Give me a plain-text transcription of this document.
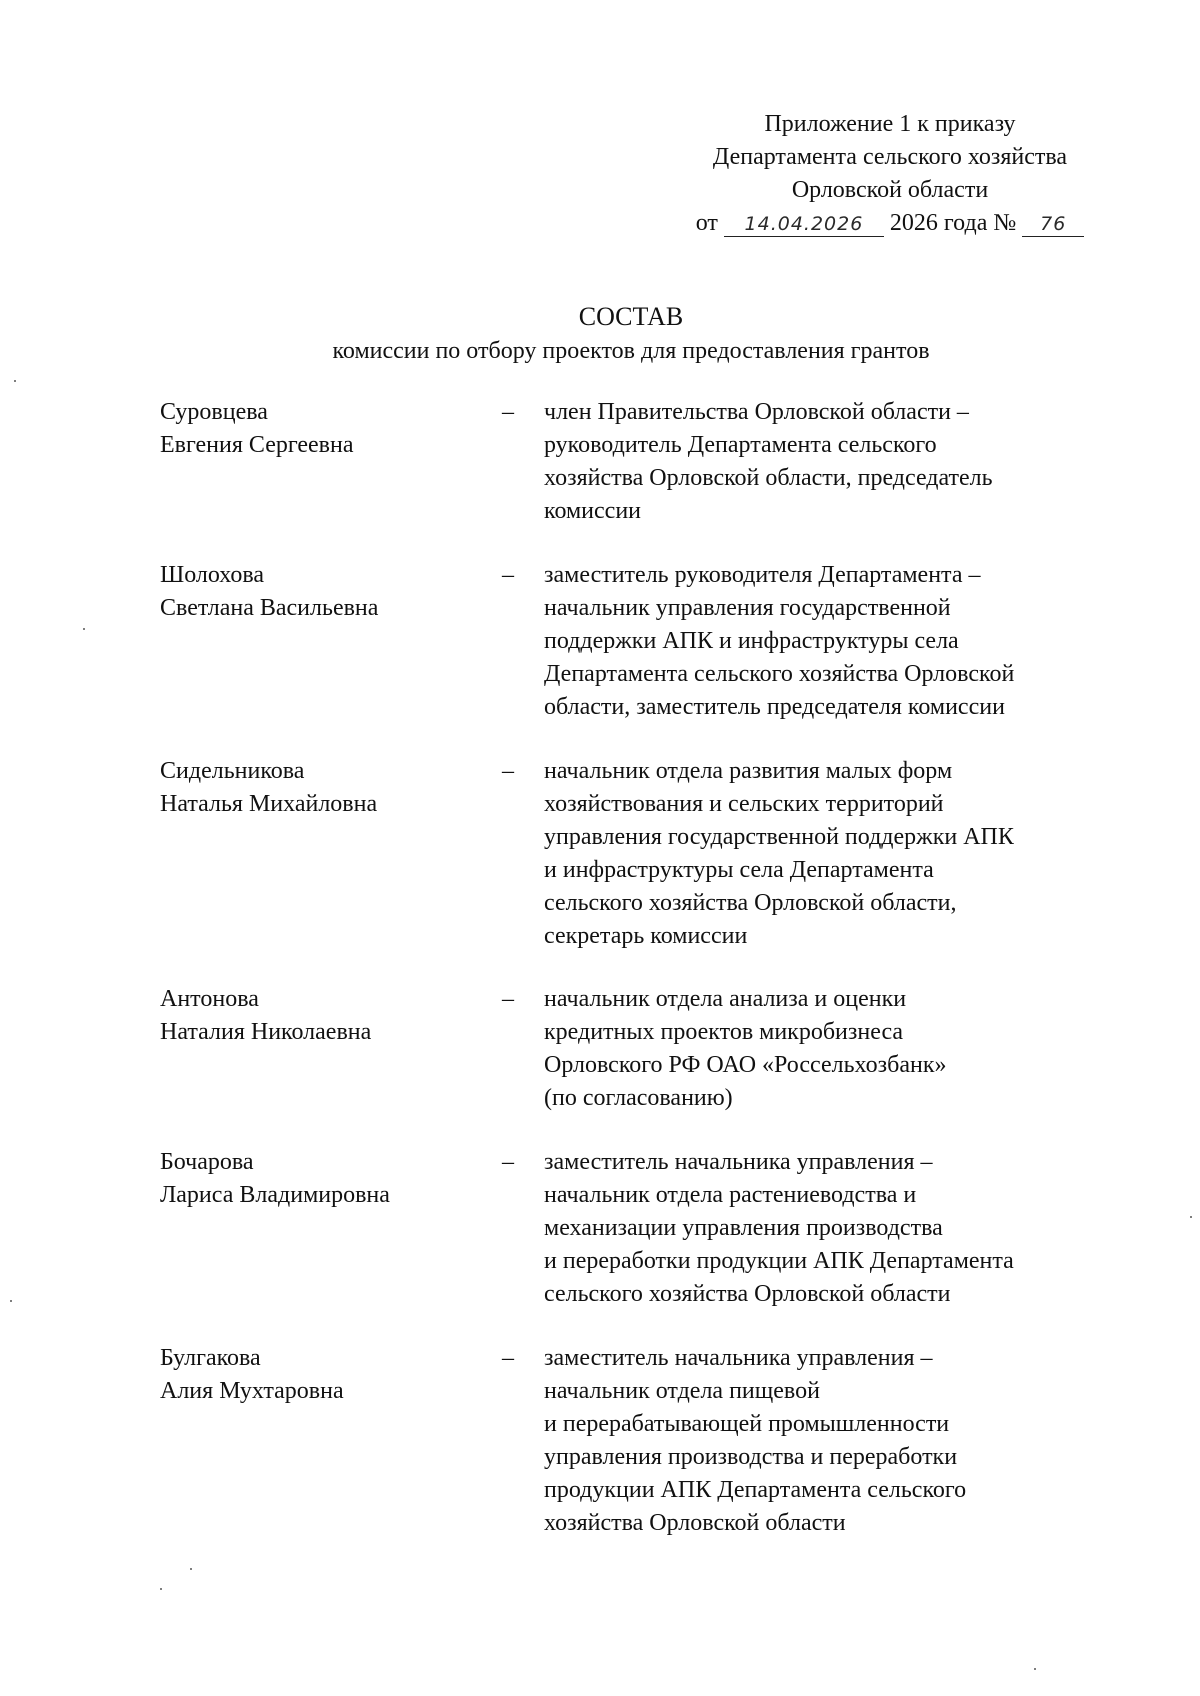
Приложение 1 к приказу
Департамента сельского хозяйства
Орловской области
от 14.04.2026 2026 года № 76
СОСТАВ
комиссии по отбору проектов для предоставления грантов
Суровцева
Евгения Сергеевна
– член Правительства Орловской области –
руководитель Департамента сельского
хозяйства Орловской области, председатель
комиссии
Шолохова
Светлана Васильевна
– заместитель руководителя Департамента –
начальник управления государственной
поддержки АПК и инфраструктуры села
Департамента сельского хозяйства Орловской
области, заместитель председателя комиссии
Сидельникова
Наталья Михайловна
– начальник отдела развития малых форм
хозяйствования и сельских территорий
управления государственной поддержки АПК
и инфраструктуры села Департамента
сельского хозяйства Орловской области,
секретарь комиссии
Антонова
Наталия Николаевна
– начальник отдела анализа и оценки
кредитных проектов микробизнеса
Орловского РФ ОАО «Россельхозбанк»
(по согласованию)
Бочарова
Лариса Владимировна
– заместитель начальника управления –
начальник отдела растениеводства и
механизации управления производства
и переработки продукции АПК Департамента
сельского хозяйства Орловской области
Булгакова
Алия Мухтаровна
– заместитель начальника управления –
начальник отдела пищевой
и перерабатывающей промышленности
управления производства и переработки
продукции АПК Департамента сельского
хозяйства Орловской области
